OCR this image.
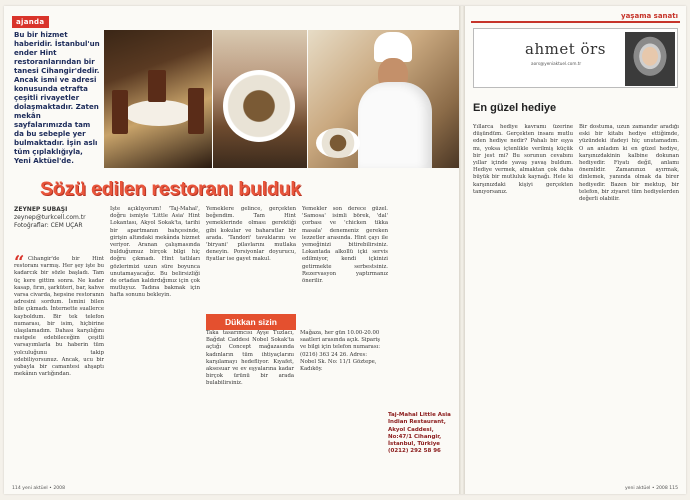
ajanda
Bu bir hizmet haberidir. İstanbul'un ender Hint restoranlarından bir tanesi Cihangir'dedir. Ancak ismi ve adresi konusunda etrafta çeşitli rivayetler dolaşmaktadır. Zaten mekân sayfalarımızda tam da bu sebeple yer bulmaktadır. İşin aslı tüm çıplaklığıyla, Yeni Aktüel'de.
Sözü edilen restoranı bulduk
ZEYNEP SUBAŞI
zeynep@turkcell.com.tr
Fotoğraflar: CEM UÇAR
“ Cihangir'de bir Hint restoranı varmış. Her şey işte bu kadarcık bir sözle başladı. Tam üç kere gittim sonra. Ne kadar kasap, fırın, şarküteri, bar, kahve varsa civarda, hepsine restoranın adresini sordum. İsmini bilen bile çıkmadı. İnternette suallerce kayboldum. Bir tek telefon numarası, bir isim, hiçbirine ulaşılamadım. Dahası karşılığını rastgele edebileceğim çeşitli varsayımlarla bu haberin tüm yolculuğunu takip edebiliyorsunuz. Ancak, ucu bir yabayla bir camantesi ahşaptı mekânın varlığından.
İşte açıklıyorum! 'Taj-Mahal', doğru ismiyle 'Little Asia' Hint Lokantası, Akyol Sokak'ta, tarihi bir apartmanın bahçesinde, girişin altındaki mekânda hizmet veriyor. Aranan çalışmasında bulduğumuz birçok bilgi hiç doğru çıkmadı. Hint tatlıları gözlerimizi uzun süre boyunca unutamayacağız. Bu belirsizliği de ortadan kaldırdığımız için çok mutluyuz. Tadına bakmak için hafta sonunu bekleyin.
Yemeklere gelince, gerçekten beğendim. Tam Hint yemeklerinde olması gerektiği gibi kokular ve baharatlar bir arada. 'Tandori' tavuklarını ve 'biryani' pilavlarını mutlaka deneyin. Porsiyonlar doyurucu, fiyatlar ise gayet makul.
Yemekler son derece güzel. 'Samosa' isimli börek, 'dal' çorbası ve 'chicken tikka masala' denemeniz gereken lezzetler arasında. Hint çayı ile yemeğinizi bitirebilirsiniz. Lokantada alkollü içki servis edilmiyor, kendi içkinizi getirmekte serbestsiniz. Rezervasyon yaptırmanız önerilir.
Dükkan sizin
Taka tasarımcısı Ayşe Tuzlacı, Bağdat Caddesi Nobel Sokak'ta açtığı Concept mağazasında kadınların tüm ihtiyaçlarını karşılamayı hedefliyor. Kıyafet, aksesuar ve ev eşyalarına kadar birçok ürünü bir arada bulabilirsiniz.
Mağaza, her gün 10.00-20.00 saatleri arasında açık. Sipariş ve bilgi için telefon numarası: (0216) 363 24 26. Adres: Nobel Sk. No: 11/1 Göztepe, Kadıköy.
Taj-Mahal Little Asia Indian Restaurant, Akyol Caddesi, No:47/1 Cihangir, İstanbul, Türkiye (0212) 292 58 96
114 yeni aktüel • 2008
yaşama sanatı
ahmet örs
aors@yeniaktuel.com.tr
En güzel hediye
Yıllarca hediye kavramı üzerine düşündüm. Gerçekten insanı mutlu eden hediye nedir? Pahalı bir eşya mı, yoksa içtenlikle verilmiş küçük bir jest mi? Bu sorunun cevabını yıllar içinde yavaş yavaş buldum. Hediye vermek, almaktan çok daha büyük bir mutluluk kaynağı. Hele ki karşınızdaki kişiyi gerçekten tanıyorsanız.
Bir dostuma, uzun zamandır aradığı eski bir kitabı hediye ettiğimde, yüzündeki ifadeyi hiç unutamadım. O an anladım ki en güzel hediye, karşınızdakinin kalbine dokunan hediyedir. Fiyatı değil, anlamı önemlidir. Zamanınızı ayırmak, dinlemek, yanında olmak da birer hediyedir. Bazen bir mektup, bir telefon, bir ziyaret tüm hediyelerden değerli olabilir.
yeni aktüel • 2008 115
